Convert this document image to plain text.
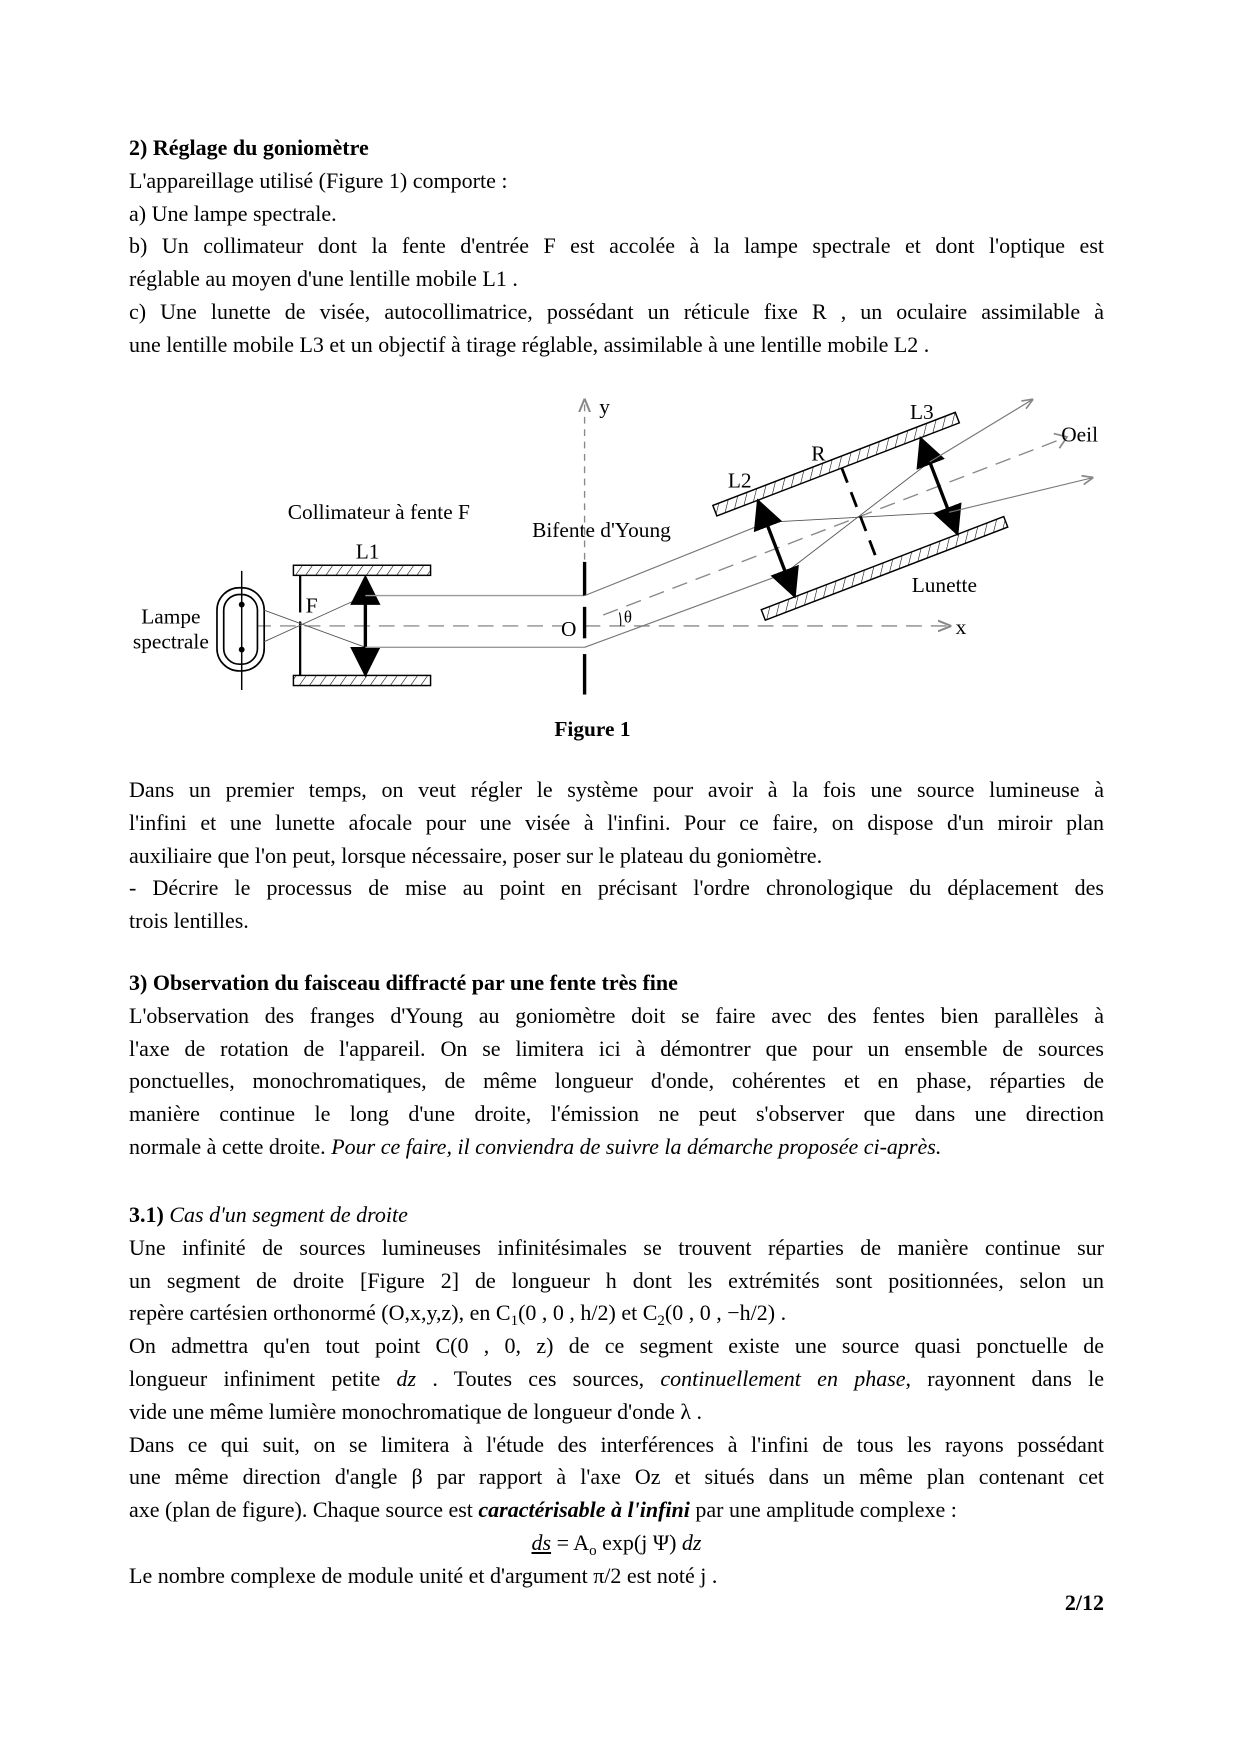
2) Réglage du goniomètre
L'appareillage utilisé (Figure 1) comporte :
a) Une lampe spectrale.
b) Un collimateur dont la fente d'entrée F est accolée à la lampe spectrale et dont l'optique est
réglable au moyen d'une lentille mobile L1 .
c) Une lunette de visée, autocollimatrice, possédant un réticule fixe R , un oculaire assimilable à
une lentille mobile L3 et un objectif à tirage réglable, assimilable à une lentille mobile L2 .
Dans un premier temps, on veut régler le système pour avoir à la fois une source lumineuse à
l'infini et une lunette afocale pour une visée à l'infini. Pour ce faire, on dispose d'un miroir plan
auxiliaire que l'on peut, lorsque nécessaire, poser sur le plateau du goniomètre.
- Décrire le processus de mise au point en précisant l'ordre chronologique du déplacement des
trois lentilles.
3) Observation du faisceau diffracté par une fente très fine
L'observation des franges d'Young au goniomètre doit se faire avec des fentes bien parallèles à
l'axe de rotation de l'appareil. On se limitera ici à démontrer que pour un ensemble de sources
ponctuelles, monochromatiques, de même longueur d'onde, cohérentes et en phase, réparties de
manière continue le long d'une droite, l'émission ne peut s'observer que dans une direction
normale à cette droite. Pour ce faire, il conviendra de suivre la démarche proposée ci-après.
3.1) Cas d'un segment de droite
Une infinité de sources lumineuses infinitésimales se trouvent réparties de manière continue sur
un segment de droite [Figure 2] de longueur h dont les extrémités sont positionnées, selon un
repère cartésien orthonormé (O,x,y,z), en $C_1(0$ , 0 , h/2) et $C_2(0$ , 0 , −h/2) .
On admettra qu'en tout point C(0 , 0, z) de ce segment existe une source quasi ponctuelle de
longueur infiniment petite dz . Toutes ces sources, continuellement en phase, rayonnent dans le
vide une même lumière monochromatique de longueur d'onde λ .
Dans ce qui suit, on se limitera à l'étude des interférences à l'infini de tous les rayons possédant
une même direction d'angle β par rapport à l'axe Oz et situés dans un même plan contenant cet
axe (plan de figure). Chaque source est caractérisable à l'infini par une amplitude complexe :
ds = $A_o$ exp(j Ψ) dz
Le nombre complexe de module unité et d'argument π/2 est noté j .
y
x
Lampe
spectrale
Collimateur à fente F
L1
F
Bifente d'Young
O	θ
L2
R
L3
Oeil
Lunette
Figure 1
2/12
